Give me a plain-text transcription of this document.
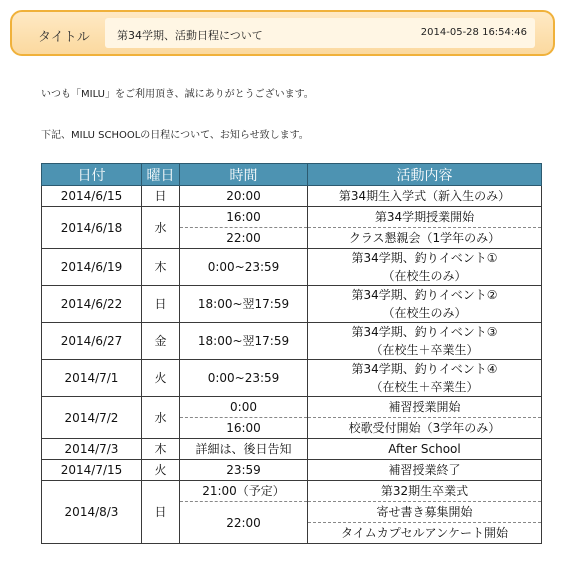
タイトル 第34学期、活動日程について	2014-05-28 16:54:46
いつも「MILU」をご利用頂き、誠にありがとうございます。
下記、MILU SCHOOLの日程について、お知らせ致します。
日付	曜日	時間	活動内容
2014/6/15	日	20:00	第34期生入学式（新入生のみ）

2014/6/18	水	16:00	第34学期授業開始

		22:00	クラス懇親会（1学年のみ）

2014/6/19	木	0:00~23:59	第34学期、釣りイベント①
（在校生のみ）

2014/6/22	日	18:00~翌17:59	第34学期、釣りイベント②
（在校生のみ）

2014/6/27	金	18:00~翌17:59	第34学期、釣りイベント③
（在校生＋卒業生）

2014/7/1	火	0:00~23:59	第34学期、釣りイベント④
（在校生＋卒業生）

2014/7/2	水	0:00	補習授業開始

		16:00	校歌受付開始（3学年のみ）

2014/7/3	木	詳細は、後日告知	After School

2014/7/15	火	23:59	補習授業終了

2014/8/3	日	21:00（予定）	第32期生卒業式

		22:00	寄せ書き募集開始

			タイムカプセルアンケート開始
